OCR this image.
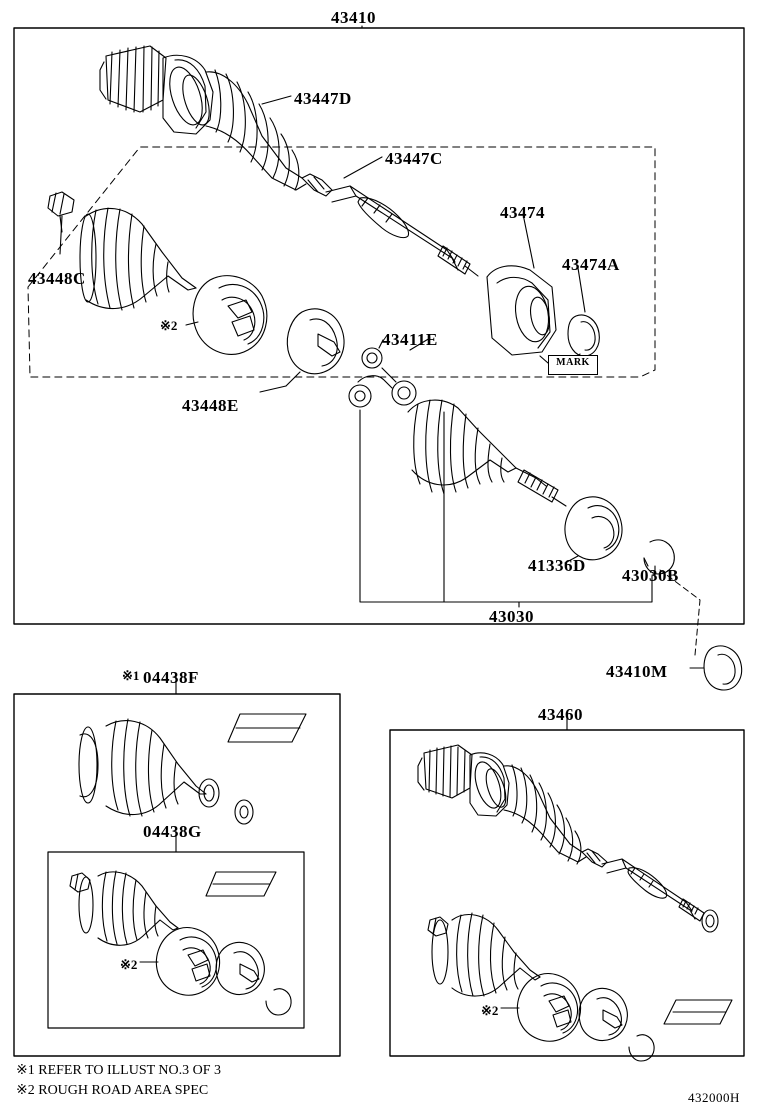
43410
43447D
43447C
43474
43474A
43448C
43411E
43448E
41336D
43030B
43030
43410M
04438F
43460
04438G
※2
※1
※2
※2
MARK
※1 REFER TO ILLUST NO.3 OF 3
※2 ROUGH ROAD AREA SPEC	432000H
